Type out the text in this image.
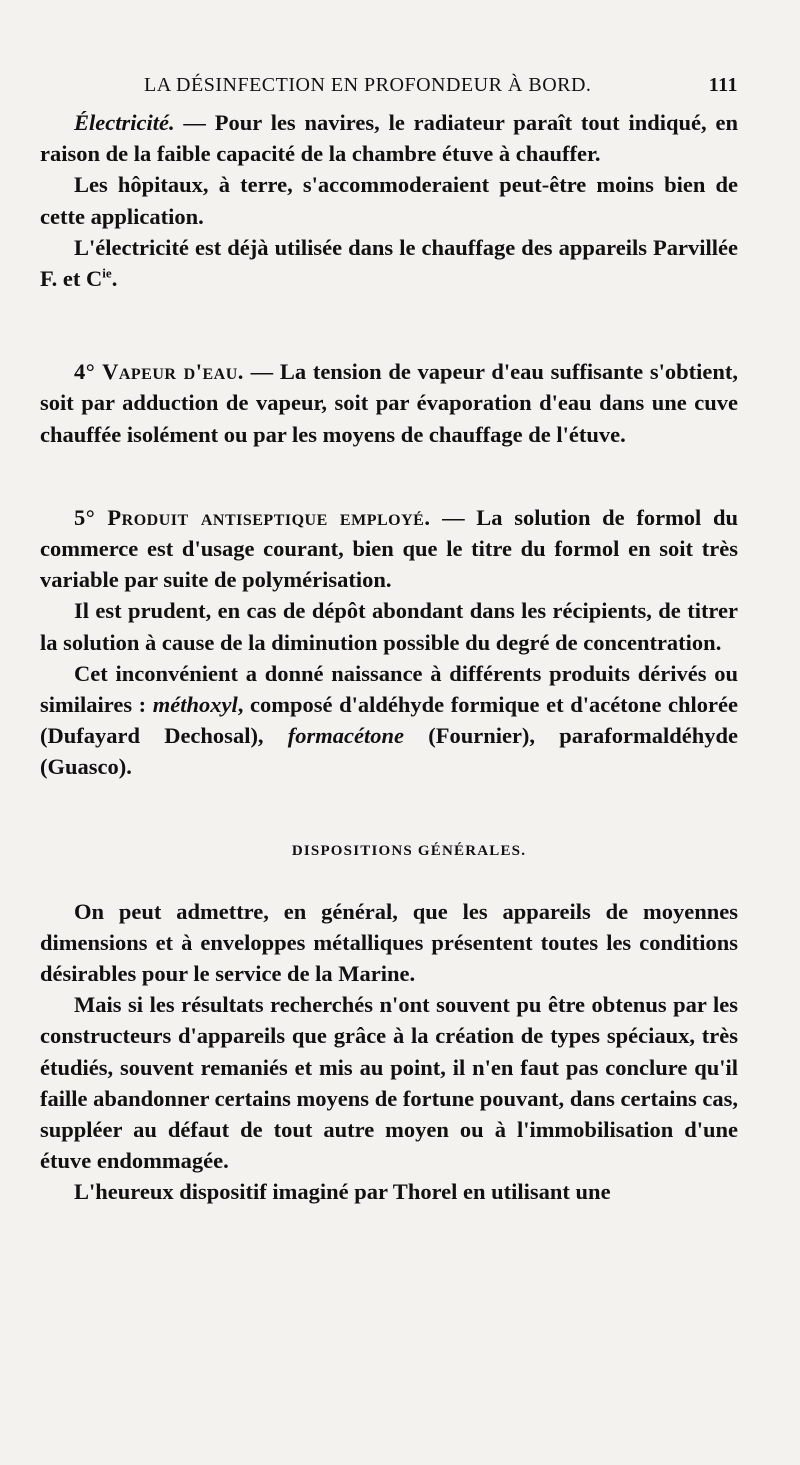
LA DÉSINFECTION EN PROFONDEUR À BORD.	111

Électricité. — Pour les navires, le radiateur paraît tout indiqué, en raison de la faible capacité de la chambre étuve à chauffer.

Les hôpitaux, à terre, s'accommoderaient peut-être moins bien de cette application.

L'électricité est déjà utilisée dans le chauffage des appareils Parvillée F. et $C^{ie}$.

4° Vapeur d'eau. — La tension de vapeur d'eau suffisante s'obtient, soit par adduction de vapeur, soit par évaporation d'eau dans une cuve chauffée isolément ou par les moyens de chauffage de l'étuve.

5° Produit antiseptique employé. — La solution de formol du commerce est d'usage courant, bien que le titre du formol en soit très variable par suite de polymérisation.

Il est prudent, en cas de dépôt abondant dans les récipients, de titrer la solution à cause de la diminution possible du degré de concentration.

Cet inconvénient a donné naissance à différents produits dérivés ou similaires : méthoxyl, composé d'aldéhyde formique et d'acétone chlorée (Dufayard Dechosal), formacétone (Fournier), paraformaldéhyde (Guasco).

DISPOSITIONS GÉNÉRALES.

On peut admettre, en général, que les appareils de moyennes dimensions et à enveloppes métalliques présentent toutes les conditions désirables pour le service de la Marine.

Mais si les résultats recherchés n'ont souvent pu être obtenus par les constructeurs d'appareils que grâce à la création de types spéciaux, très étudiés, souvent remaniés et mis au point, il n'en faut pas conclure qu'il faille abandonner certains moyens de fortune pouvant, dans certains cas, suppléer au défaut de tout autre moyen ou à l'immobilisation d'une étuve endommagée.

L'heureux dispositif imaginé par Thorel en utilisant une
